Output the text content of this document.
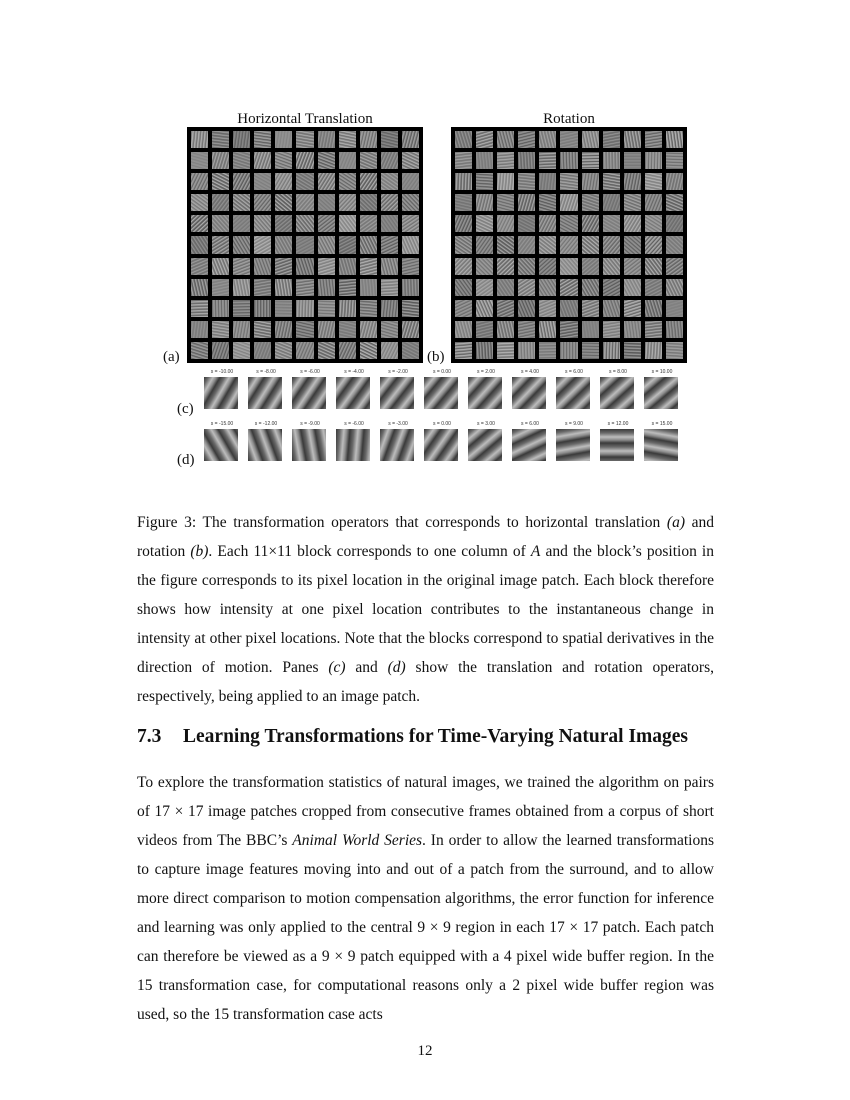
Horizontal Translation	Rotation
(a)	(b)
(c)
(d)
s = -10.00	s = -8.00	s = -6.00	s = -4.00	s = -2.00	s = 0.00	s = 2.00	s = 4.00	s = 6.00	s = 8.00	s = 10.00
s = -15.00	s = -12.00	s = -9.00	s = -6.00	s = -3.00	s = 0.00	s = 3.00	s = 6.00	s = 9.00	s = 12.00	s = 15.00
Figure 3: The transformation operators that corresponds to horizontal translation (a) and rotation (b). Each 11×11 block corresponds to one column of A and the block’s position in the figure corresponds to its pixel location in the original image patch. Each block therefore shows how intensity at one pixel location contributes to the instantaneous change in intensity at other pixel locations. Note that the blocks correspond to spatial derivatives in the direction of motion. Panes (c) and (d) show the translation and rotation operators, respectively, being applied to an image patch.
7.3 Learning Transformations for Time-Varying Natural Images
To explore the transformation statistics of natural images, we trained the algorithm on pairs of 17 × 17 image patches cropped from consecutive frames obtained from a corpus of short videos from The BBC’s Animal World Series. In order to allow the learned transformations to capture image features moving into and out of a patch from the surround, and to allow more direct comparison to motion compensation algorithms, the error function for inference and learning was only applied to the central 9 × 9 region in each 17 × 17 patch. Each patch can therefore be viewed as a 9 × 9 patch equipped with a 4 pixel wide buffer region. In the 15 transformation case, for computational reasons only a 2 pixel wide buffer region was used, so the 15 transformation case acts
12
